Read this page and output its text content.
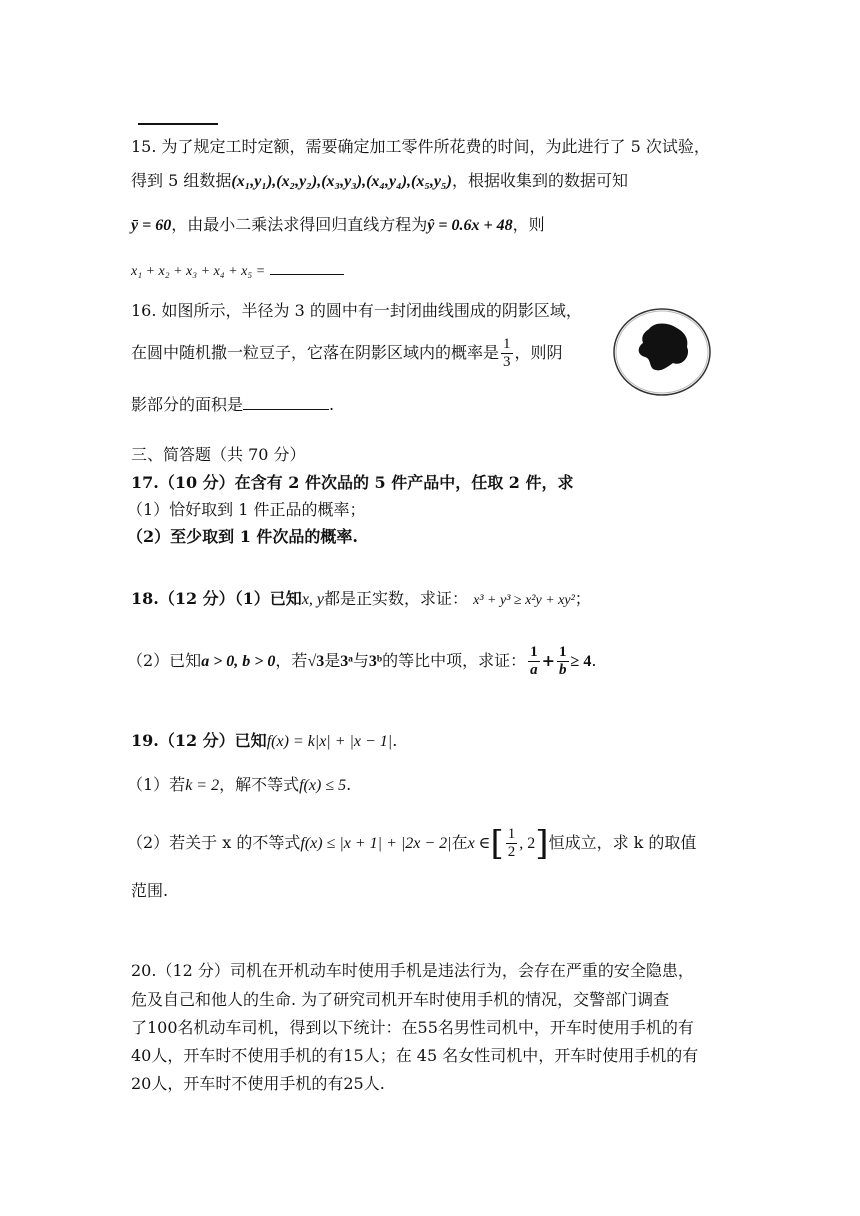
15. 为了规定工时定额，需要确定加工零件所花费的时间，为此进行了 5 次试验，
得到 5 组数据(x₁,y₁),(x₂,y₂),(x₃,y₃),(x₄,y₄),(x₅,y₅)，根据收集到的数据可知
ȳ = 60，由最小二乘法求得回归直线方程为ŷ = 0.6x + 48，则
x₁ + x₂ + x₃ + x₄ + x₅ =
16. 如图所示，半径为 3 的圆中有一封闭曲线围成的阴影区域，
在圆中随机撒一粒豆子，它落在阴影区域内的概率是 $\frac{1}{3}$ ，则阴
影部分的面积是	.
三、简答题（共 70 分）
17.（10 分）在含有 2 件次品的 5 件产品中，任取 2 件，求
（1）恰好取到 1 件正品的概率；
（2）至少取到 1 件次品的概率.
18.（12 分）（1）已知x, y都是正实数，求证： x³ + y³ ≥ x²y + xy²；
（2）已知a > 0, b > 0，若√3是3ᵃ与3ᵇ的等比中项，求证： $\frac{1}{a} + \frac{1}{b} \ge 4$.
19.（12 分）已知f(x) = k|x| + |x − 1|.
（1）若k = 2，解不等式f(x) ≤ 5.
（2）若关于 x 的不等式f(x) ≤ |x + 1| + |2x − 2|在x ∈[ $\frac{1}{2}$ , 2]恒成立，求 k 的取值
范围.
20.（12 分）司机在开机动车时使用手机是违法行为，会存在严重的安全隐患，
危及自己和他人的生命. 为了研究司机开车时使用手机的情况，交警部门调查
了100名机动车司机，得到以下统计：在55名男性司机中，开车时使用手机的有
40人，开车时不使用手机的有15人；在 45 名女性司机中，开车时使用手机的有
20人，开车时不使用手机的有25人.
